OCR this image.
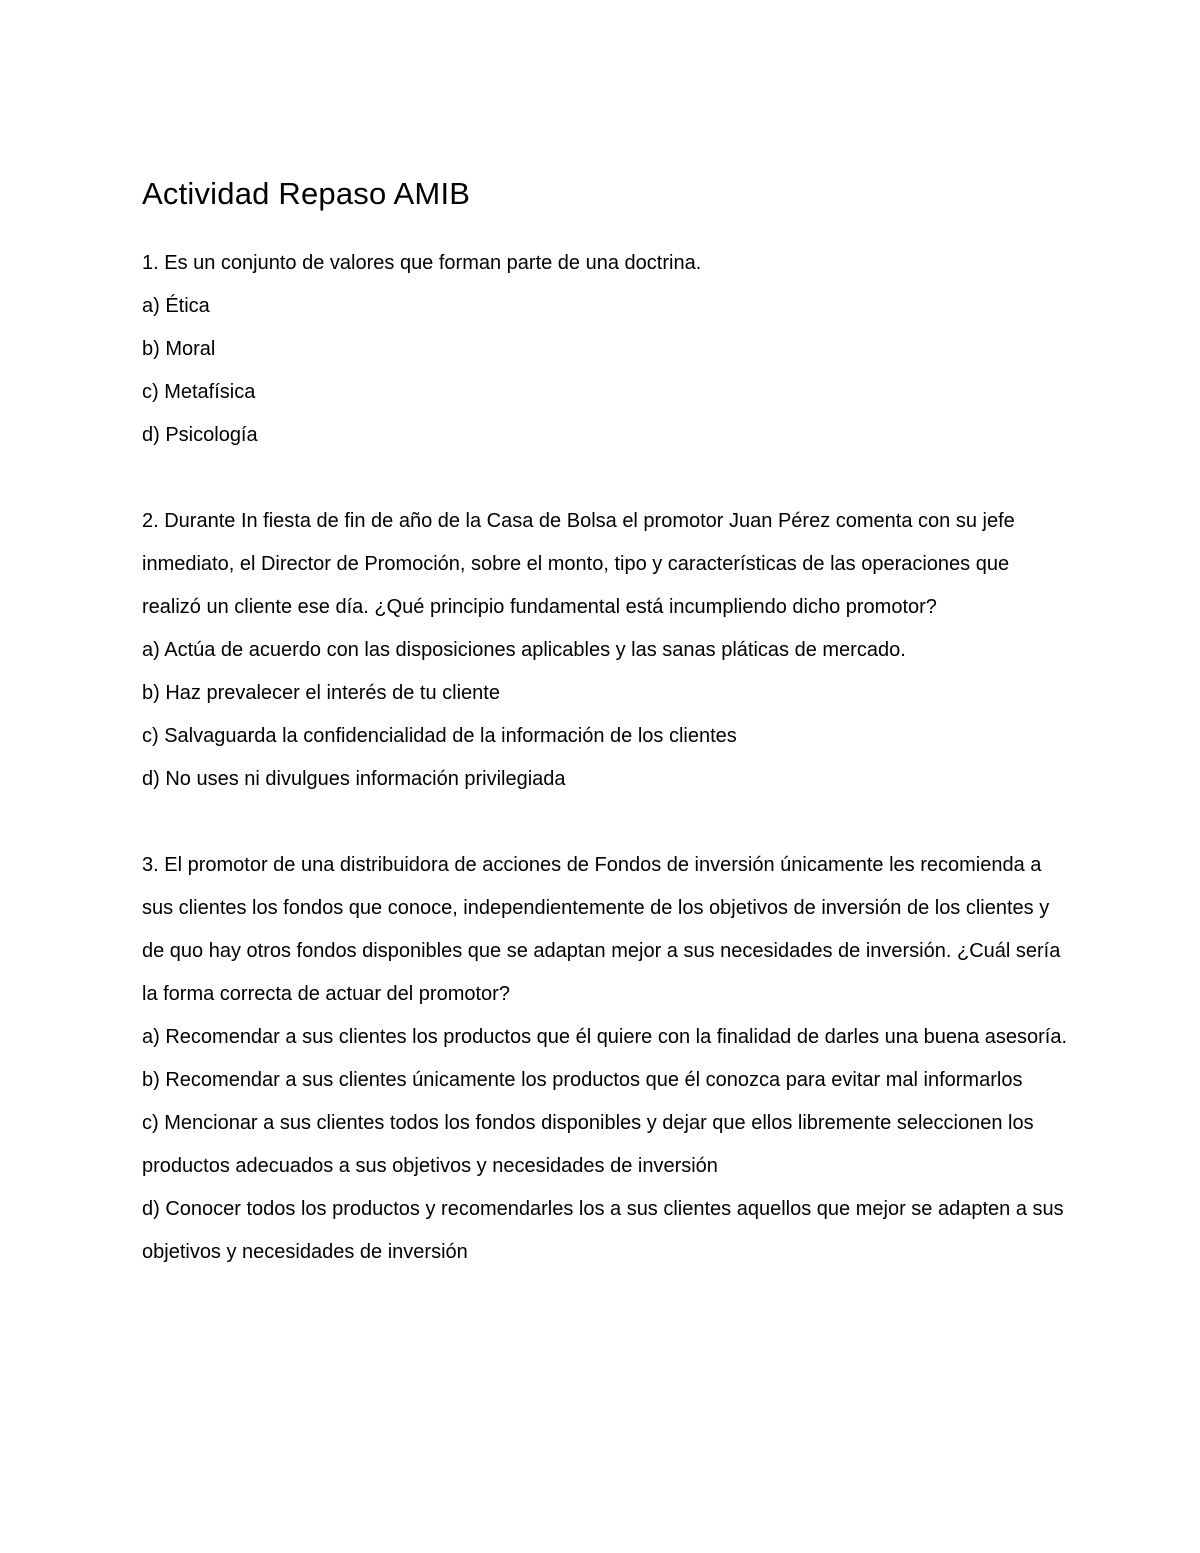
Actividad Repaso AMIB

1. Es un conjunto de valores que forman parte de una doctrina.

a) Ética

b) Moral

c) Metafísica

d) Psicología

2. Durante In fiesta de fin de año de la Casa de Bolsa el promotor Juan Pérez comenta con su jefe inmediato, el Director de Promoción, sobre el monto, tipo y características de las operaciones que realizó un cliente ese día. ¿Qué principio fundamental está incumpliendo dicho promotor?

a) Actúa de acuerdo con las disposiciones aplicables y las sanas pláticas de mercado.

b) Haz prevalecer el interés de tu cliente

c) Salvaguarda la confidencialidad de la información de los clientes

d) No uses ni divulgues información privilegiada

3. El promotor de una distribuidora de acciones de Fondos de inversión únicamente les recomienda a sus clientes los fondos que conoce, independientemente de los objetivos de inversión de los clientes y de quo hay otros fondos disponibles que se adaptan mejor a sus necesidades de inversión. ¿Cuál sería la forma correcta de actuar del promotor?

a) Recomendar a sus clientes los productos que él quiere con la finalidad de darles una buena asesoría.

b) Recomendar a sus clientes únicamente los productos que él conozca para evitar mal informarlos

c) Mencionar a sus clientes todos los fondos disponibles y dejar que ellos libremente seleccionen los productos adecuados a sus objetivos y necesidades de inversión

d) Conocer todos los productos y recomendarles los a sus clientes aquellos que mejor se adapten a sus objetivos y necesidades de inversión
